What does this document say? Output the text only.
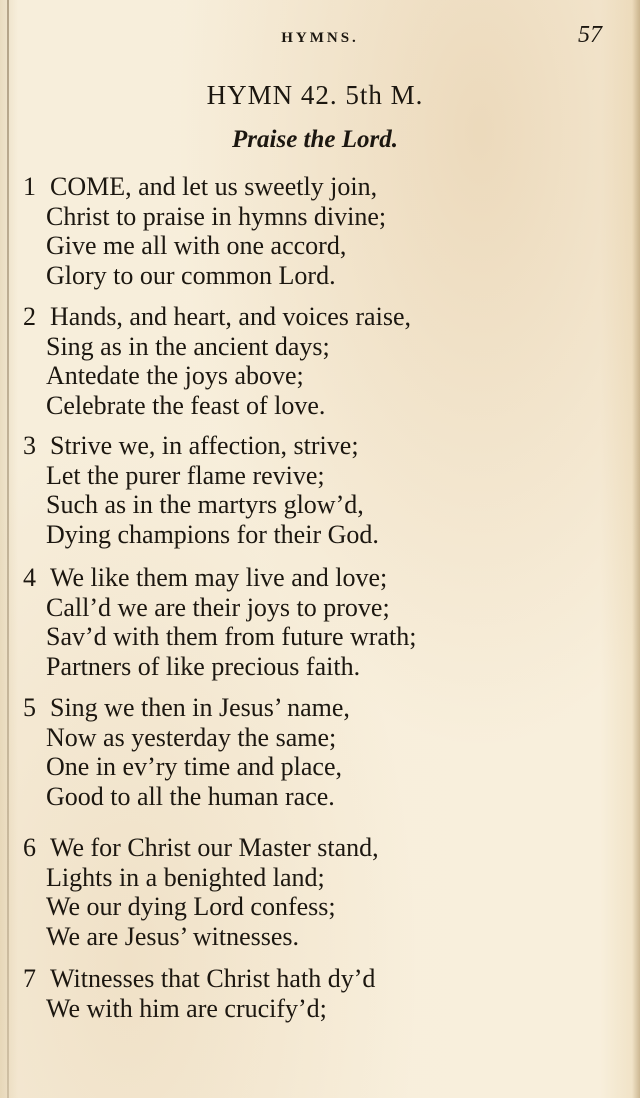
HYMNS.	57
HYMN 42. 5th M.
Praise the Lord.
1 COME, and let us sweetly join,
Christ to praise in hymns divine;
Give me all with one accord,
Glory to our common Lord.
2 Hands, and heart, and voices raise,
Sing as in the ancient days;
Antedate the joys above;
Celebrate the feast of love.
3 Strive we, in affection, strive;
Let the purer flame revive;
Such as in the martyrs glow’d,
Dying champions for their God.
4 We like them may live and love;
Call’d we are their joys to prove;
Sav’d with them from future wrath;
Partners of like precious faith.
5 Sing we then in Jesus’ name,
Now as yesterday the same;
One in ev’ry time and place,
Good to all the human race.
6 We for Christ our Master stand,
Lights in a benighted land;
We our dying Lord confess;
We are Jesus’ witnesses.
7 Witnesses that Christ hath dy’d
We with him are crucify’d;
